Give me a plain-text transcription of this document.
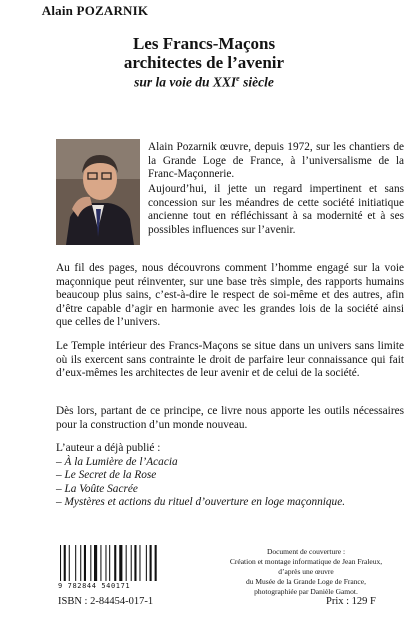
Alain POZARNIK
Les Francs-Maçons
architectes de l’avenir
sur la voie du XXIe siècle
Alain Pozarnik œuvre, depuis 1972, sur les chantiers de la Grande Loge de France, à l’universalisme de la Franc-Maçonnerie.
Aujourd’hui, il jette un regard impertinent et sans concession sur les méandres de cette société initiatique ancienne tout en réfléchissant à sa modernité et à ses possibles influences sur l’avenir.
Au fil des pages, nous découvrons comment l’homme engagé sur la voie maçonnique peut réinventer, sur une base très simple, des rapports humains beaucoup plus sains, c’est-à-dire le respect de soi-même et des autres, afin d’être capable d’agir en harmonie avec les grandes lois de la société ainsi que celles de l’univers.
Le Temple intérieur des Francs-Maçons se situe dans un univers sans limite où ils exercent sans contrainte le droit de parfaire leur connaissance qui fait d’eux-mêmes les architectes de leur avenir et de celui de la société.
Dès lors, partant de ce principe, ce livre nous apporte les outils nécessaires pour la construction d’un monde nouveau.
L’auteur a déjà publié :
– À la Lumière de l’Acacia
– Le Secret de la Rose
– La Voûte Sacrée
– Mystères et actions du rituel d’ouverture en loge maçonnique.
Document de couverture :
Création et montage informatique de Jean Fraleux,
d’après une œuvre
du Musée de la Grande Loge de France,
photographiée par Danièle Gamot.
9 782844 540171
ISBN : 2-84454-017-1	Prix : 129 F
